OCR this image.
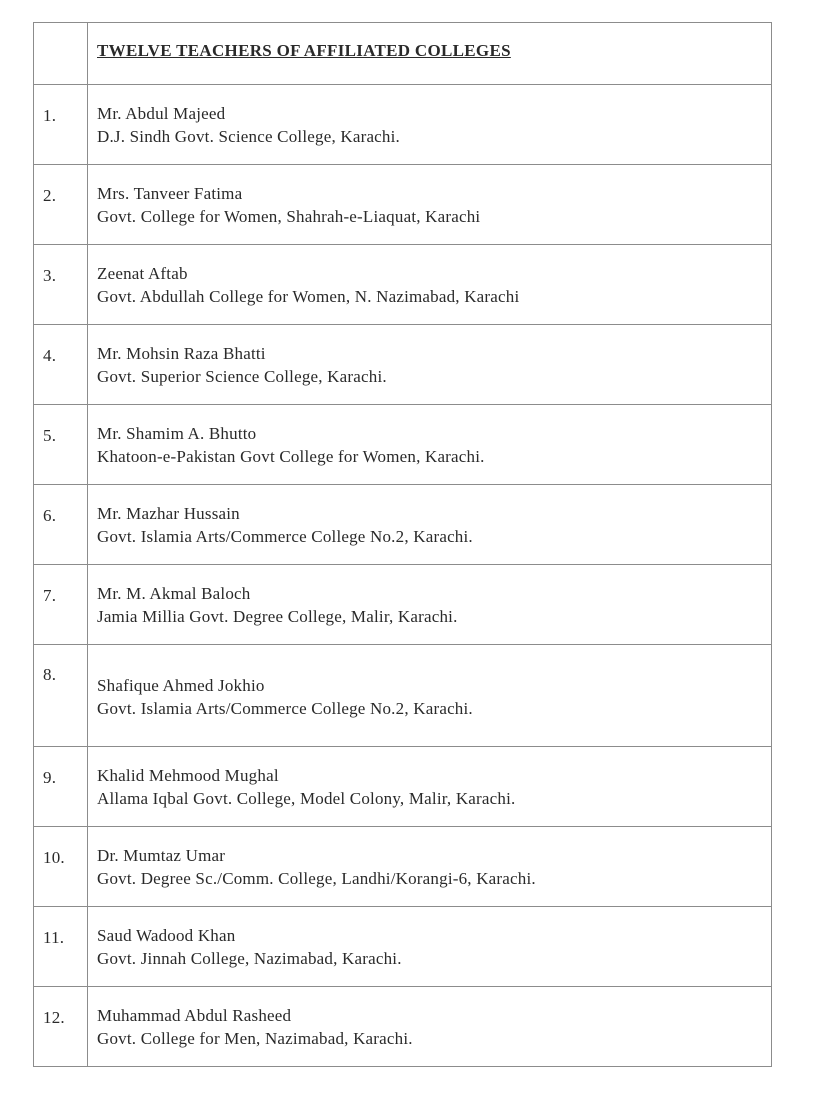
	TWELVE TEACHERS OF AFFILIATED COLLEGES
1.	Mr. Abdul Majeed
D.J. Sindh Govt. Science College, Karachi.

2.	Mrs. Tanveer Fatima
Govt. College for Women, Shahrah-e-Liaquat, Karachi

3.	Zeenat Aftab
Govt. Abdullah College for Women, N. Nazimabad, Karachi

4.	Mr. Mohsin Raza Bhatti
Govt. Superior Science College, Karachi.

5.	Mr. Shamim A. Bhutto
Khatoon-e-Pakistan Govt College for Women, Karachi.

6.	Mr. Mazhar Hussain
Govt. Islamia Arts/Commerce College No.2, Karachi.

7.	Mr. M. Akmal Baloch
Jamia Millia Govt. Degree College, Malir, Karachi.

8.	Shafique Ahmed Jokhio
Govt. Islamia Arts/Commerce College No.2, Karachi.

9.	Khalid Mehmood Mughal
Allama Iqbal Govt. College, Model Colony, Malir, Karachi.

10.	Dr. Mumtaz Umar
Govt. Degree Sc./Comm. College, Landhi/Korangi-6, Karachi.

11.	Saud Wadood Khan
Govt. Jinnah College, Nazimabad, Karachi.

12.	Muhammad Abdul Rasheed
Govt. College for Men, Nazimabad, Karachi.
